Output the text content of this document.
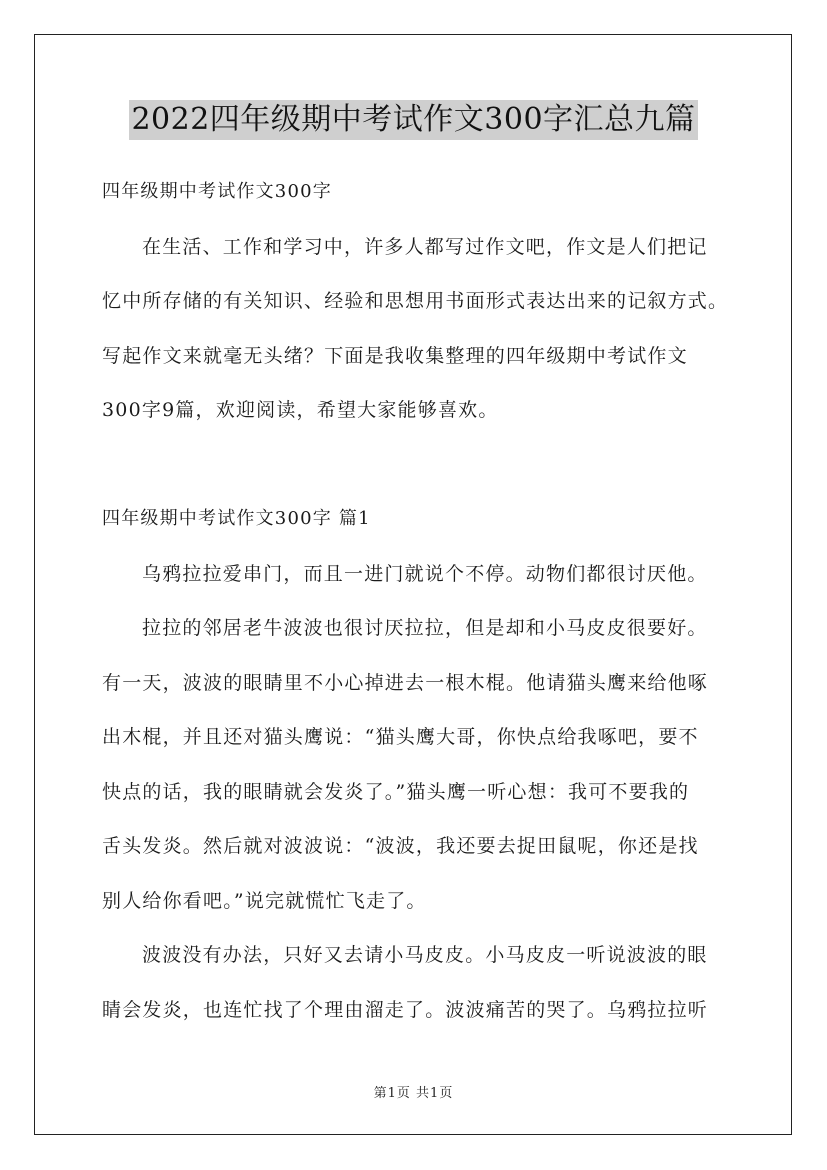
2022四年级期中考试作文300字汇总九篇
四年级期中考试作文300字
在生活、工作和学习中，许多人都写过作文吧，作文是人们把记
忆中所存储的有关知识、经验和思想用书面形式表达出来的记叙方式。
写起作文来就毫无头绪？下面是我收集整理的四年级期中考试作文
300字9篇，欢迎阅读，希望大家能够喜欢。
四年级期中考试作文300字 篇1
乌鸦拉拉爱串门，而且一进门就说个不停。动物们都很讨厌他。
拉拉的邻居老牛波波也很讨厌拉拉，但是却和小马皮皮很要好。
有一天，波波的眼睛里不小心掉进去一根木棍。他请猫头鹰来给他啄
出木棍，并且还对猫头鹰说：“猫头鹰大哥，你快点给我啄吧，要不
快点的话，我的眼睛就会发炎了。”猫头鹰一听心想：我可不要我的
舌头发炎。然后就对波波说：“波波，我还要去捉田鼠呢，你还是找
别人给你看吧。”说完就慌忙飞走了。
波波没有办法，只好又去请小马皮皮。小马皮皮一听说波波的眼
睛会发炎，也连忙找了个理由溜走了。波波痛苦的哭了。乌鸦拉拉听
第1页 共1页
